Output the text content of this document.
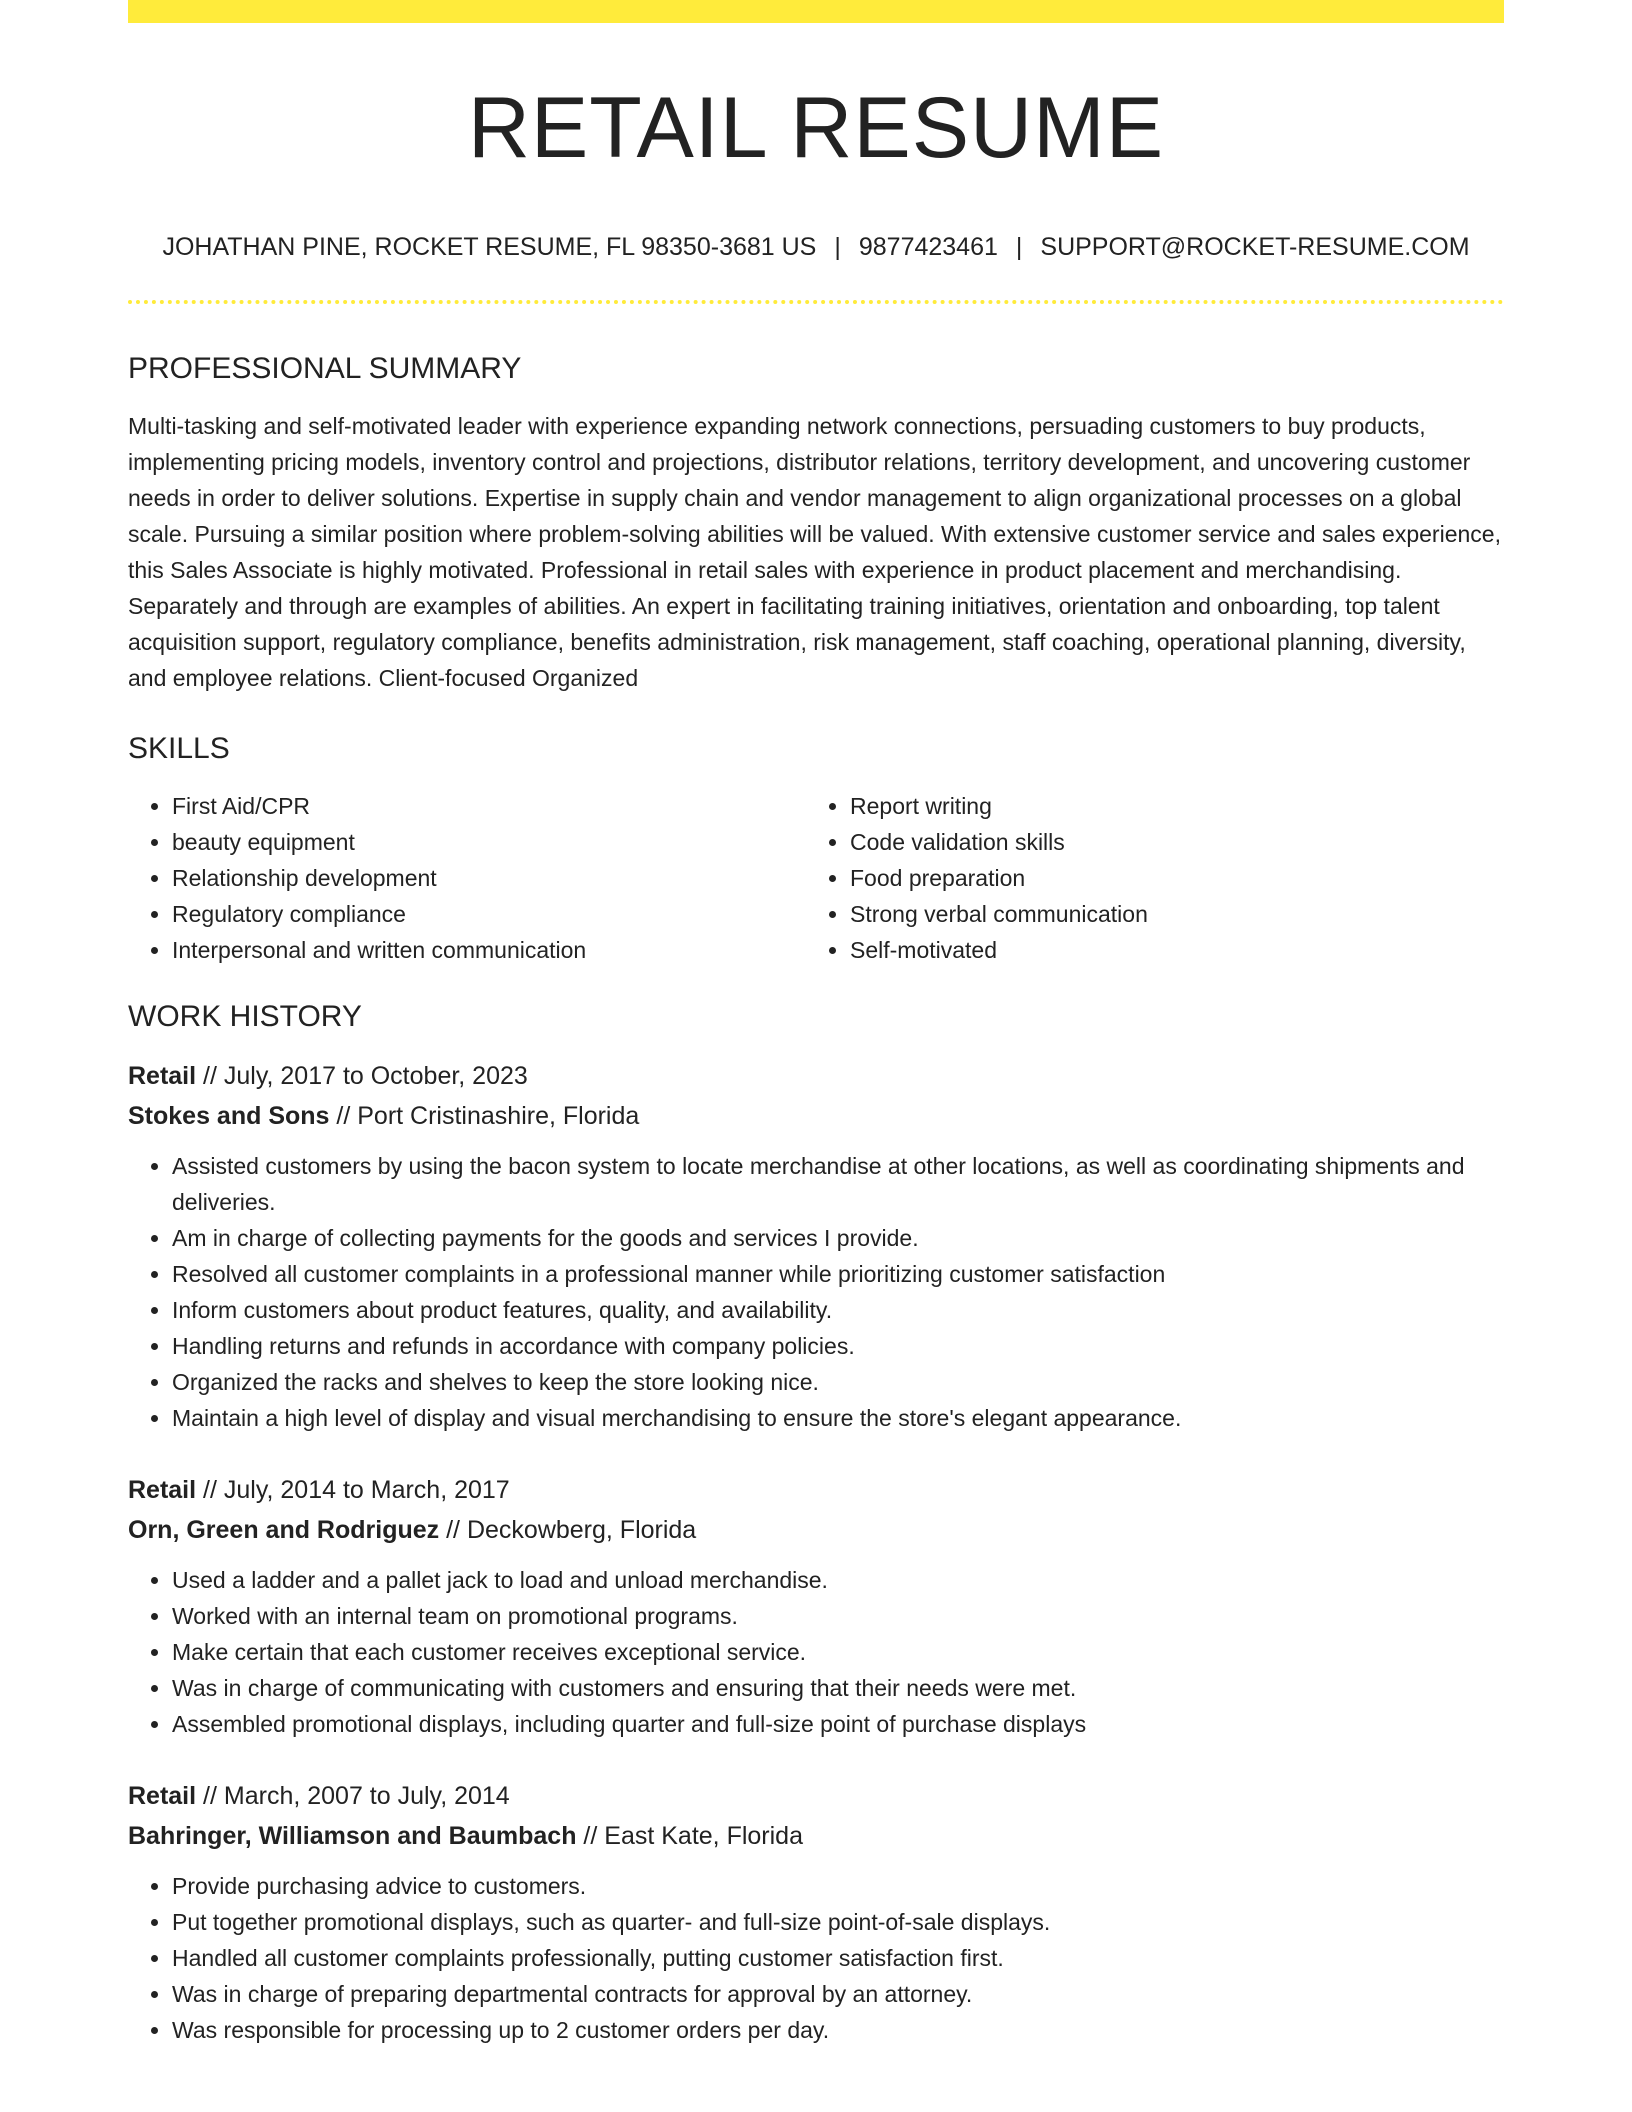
RETAIL RESUME
JOHATHAN PINE, ROCKET RESUME, FL 98350-3681 US | 9877423461 | SUPPORT@ROCKET-RESUME.COM
PROFESSIONAL SUMMARY
Multi-tasking and self-motivated leader with experience expanding network connections, persuading customers to buy products, implementing pricing models, inventory control and projections, distributor relations, territory development, and uncovering customer needs in order to deliver solutions. Expertise in supply chain and vendor management to align organizational processes on a global scale. Pursuing a similar position where problem-solving abilities will be valued. With extensive customer service and sales experience, this Sales Associate is highly motivated. Professional in retail sales with experience in product placement and merchandising. Separately and through are examples of abilities. An expert in facilitating training initiatives, orientation and onboarding, top talent acquisition support, regulatory compliance, benefits administration, risk management, staff coaching, operational planning, diversity, and employee relations. Client-focused Organized
SKILLS
• First Aid/CPR
• beauty equipment
• Relationship development
• Regulatory compliance
• Interpersonal and written communication
• Report writing
• Code validation skills
• Food preparation
• Strong verbal communication
• Self-motivated
WORK HISTORY
Retail // July, 2017 to October, 2023
Stokes and Sons // Port Cristinashire, Florida
• Assisted customers by using the bacon system to locate merchandise at other locations, as well as coordinating shipments and deliveries.
• Am in charge of collecting payments for the goods and services I provide.
• Resolved all customer complaints in a professional manner while prioritizing customer satisfaction
• Inform customers about product features, quality, and availability.
• Handling returns and refunds in accordance with company policies.
• Organized the racks and shelves to keep the store looking nice.
• Maintain a high level of display and visual merchandising to ensure the store's elegant appearance.
Retail // July, 2014 to March, 2017
Orn, Green and Rodriguez // Deckowberg, Florida
• Used a ladder and a pallet jack to load and unload merchandise.
• Worked with an internal team on promotional programs.
• Make certain that each customer receives exceptional service.
• Was in charge of communicating with customers and ensuring that their needs were met.
• Assembled promotional displays, including quarter and full-size point of purchase displays
Retail // March, 2007 to July, 2014
Bahringer, Williamson and Baumbach // East Kate, Florida
• Provide purchasing advice to customers.
• Put together promotional displays, such as quarter- and full-size point-of-sale displays.
• Handled all customer complaints professionally, putting customer satisfaction first.
• Was in charge of preparing departmental contracts for approval by an attorney.
• Was responsible for processing up to 2 customer orders per day.
